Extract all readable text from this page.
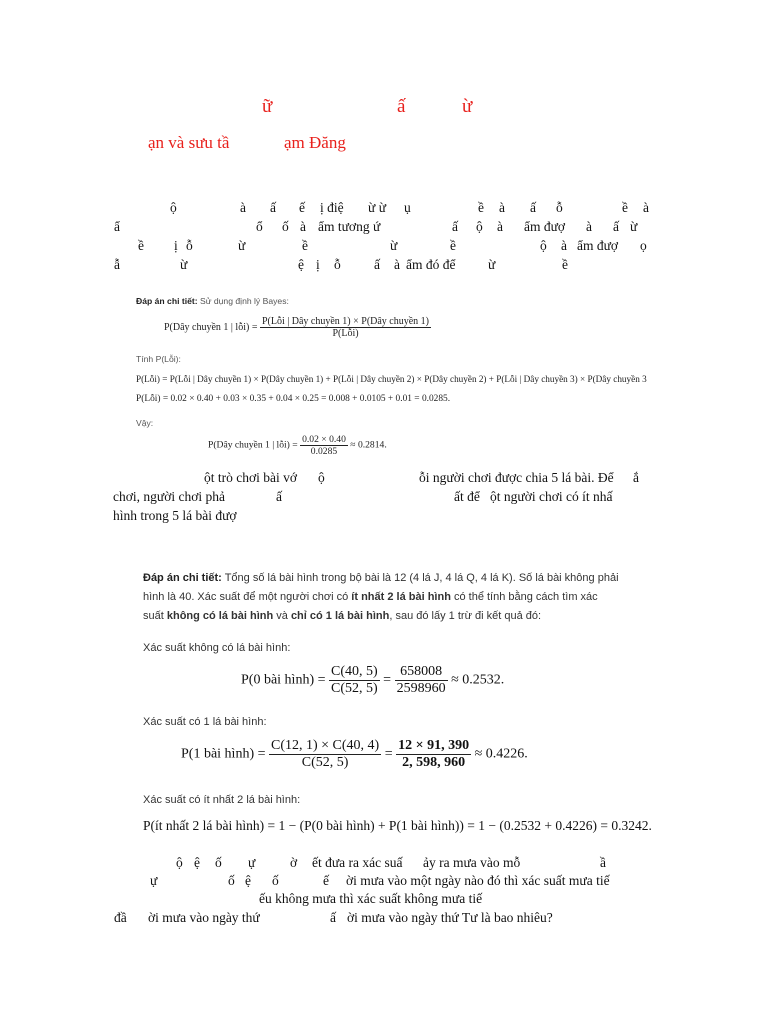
ữ	ấ	ừ
ạn và sưu tầ	ạm Đăng
ộ	à ấ ế ị điệ ừ ừ ụ	ề à ấ ỗ	ề à
ẩ	ổ ố à ẩm tương ứ	ấ ộ à ẩm đượ à ấ ừ
ề ị ỗ	ừ	ề	ừ	ề	ộ à ẩm đượ ọ
ẫ	ừ	ệ ị ỗ ấ à ẩm đó để ừ	ề
Đáp án chi tiết: Sử dụng định lý Bayes:
P(Dây chuyền 1 | lỗi) = $\frac{\text{P(Lỗi | Dây chuyền 1) × P(Dây chuyền 1)}}{\text{P(Lỗi)}}$
Tính P(Lỗi):
P(Lỗi) = P(Lỗi | Dây chuyền 1) × P(Dây chuyền 1) + P(Lỗi | Dây chuyền 2) × P(Dây chuyền 2) + P(Lỗi | Dây chuyền 3) × P(Dây chuyền 3
P(Lỗi) = 0.02 × 0.40 + 0.03 × 0.35 + 0.04 × 0.25 = 0.008 + 0.0105 + 0.01 = 0.0285.
Vậy:
P(Dây chuyền 1 | lỗi) = $\frac{0.02 \times 0.40}{0.0285} \approx 0.2814$.
ột trò chơi bài vớ ộ	ỗi người chơi được chia 5 lá bài. Để ắ
chơi, người chơi phả	ấ	ất để ột người chơi có ít nhấ
hình trong 5 lá bài đượ
Đáp án chi tiết: Tổng số lá bài hình trong bộ bài là 12 (4 lá J, 4 lá Q, 4 lá K). Số lá bài không phải
hình là 40. Xác suất để một người chơi có ít nhất 2 lá bài hình có thể tính bằng cách tìm xác
suất không có lá bài hình và chỉ có 1 lá bài hình, sau đó lấy 1 trừ đi kết quả đó:
Xác suất không có lá bài hình:
P(0 bài hình) = $\frac{C(40, 5)}{C(52, 5)} = \frac{658008}{2598960} \approx 0.2532$.
Xác suất có 1 lá bài hình:
P(1 bài hình) = $\frac{C(12, 1) \times C(40, 4)}{C(52, 5)} = \frac{12 \times 91, 390}{2, 598, 960} \approx 0.4226$.
Xác suất có ít nhất 2 lá bài hình:
P(ít nhất 2 lá bài hình) = 1 − (P(0 bài hình) + P(1 bài hình)) = 1 − (0.2532 + 0.4226) = 0.3242.
ộ ệ ố ự	ờ ết đưa ra xác suấ ảy ra mưa vào mỗ	ầ
ự	ố ệ ố	ế ời mưa vào một ngày nào đó thì xác suất mưa tiế
ếu không mưa thì xác suất không mưa tiế
đầ ời mưa vào ngày thứ	ấ ời mưa vào ngày thứ Tư là bao nhiêu?
